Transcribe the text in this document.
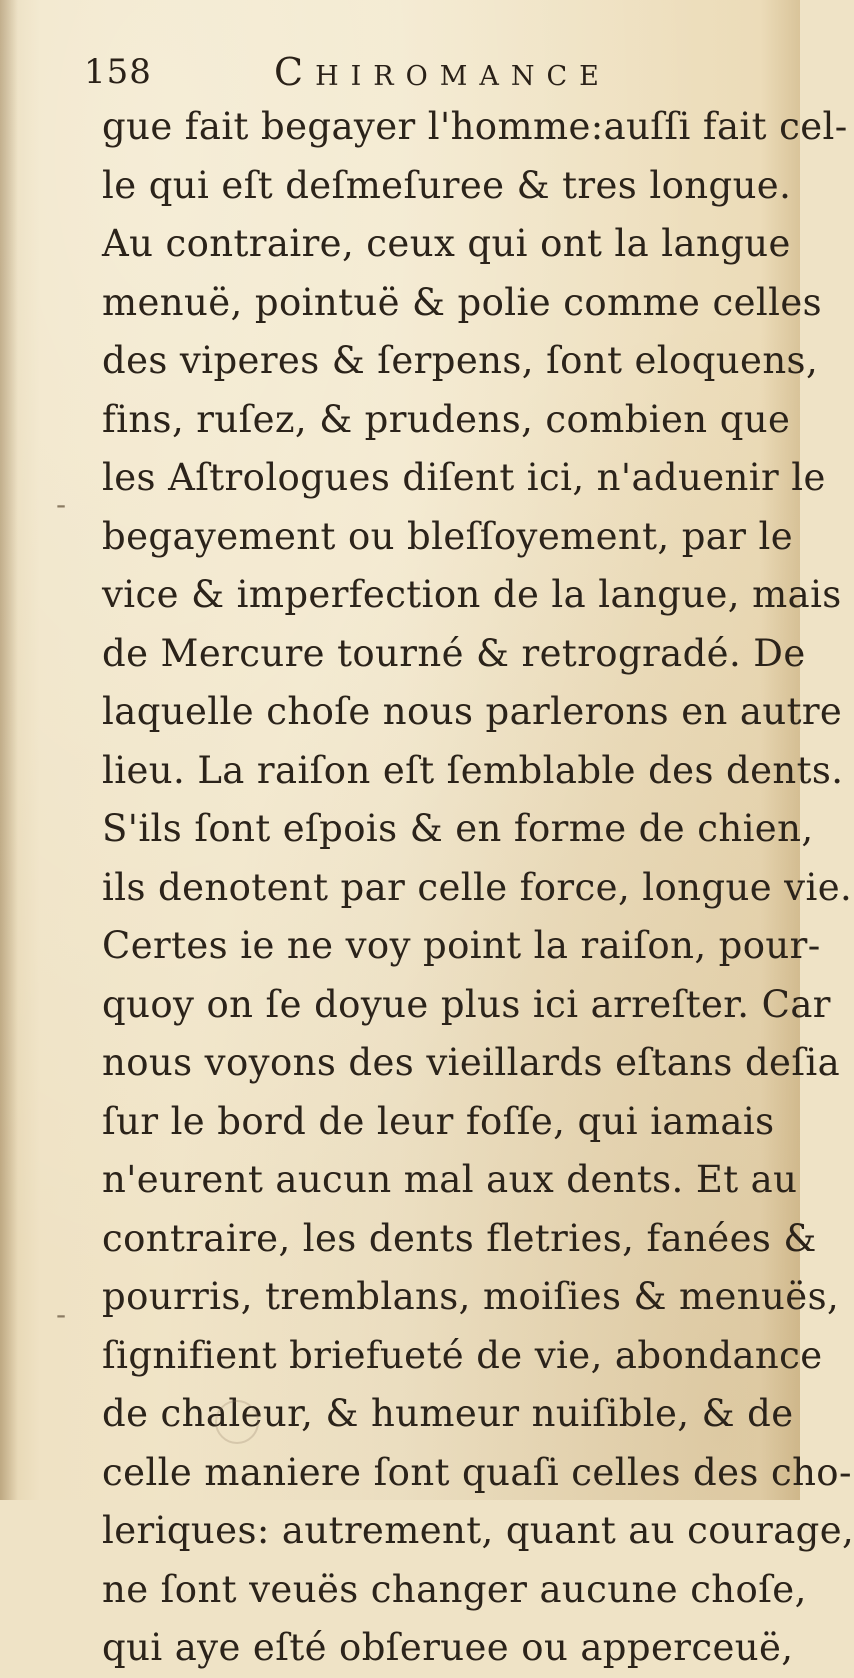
158	Chiromance
gue fait begayer l'homme:auſſi fait cel-
le qui eſt deſmeſuree & tres longue.
Au contraire, ceux qui ont la langue
menuë, pointuë & polie comme celles
des viperes & ſerpens, ſont eloquens,
fins, ruſez, & prudens, combien que
les Aſtrologues diſent ici, n'aduenir le
begayement ou bleſſoyement, par le
vice & imperfection de la langue, mais
de Mercure tourné & retrogradé. De
laquelle choſe nous parlerons en autre
lieu. La raiſon eſt ſemblable des dents.
S'ils ſont eſpois & en forme de chien,
ils denotent par celle force, longue vie.
Certes ie ne voy point la raiſon, pour-
quoy on ſe doyue plus ici arreſter. Car
nous voyons des vieillards eſtans deſia
ſur le bord de leur foſſe, qui iamais
n'eurent aucun mal aux dents. Et au
contraire, les dents fletries, fanées &
pourris, tremblans, moiſies & menuës,
ſignifient briefueté de vie, abondance
de chaleur, & humeur nuiſible, & de
celle maniere ſont quaſi celles des cho-
leriques: autrement, quant au courage,
ne ſont veuës changer aucune choſe,
qui aye eſté obſeruee ou apperceuë,
-
-
